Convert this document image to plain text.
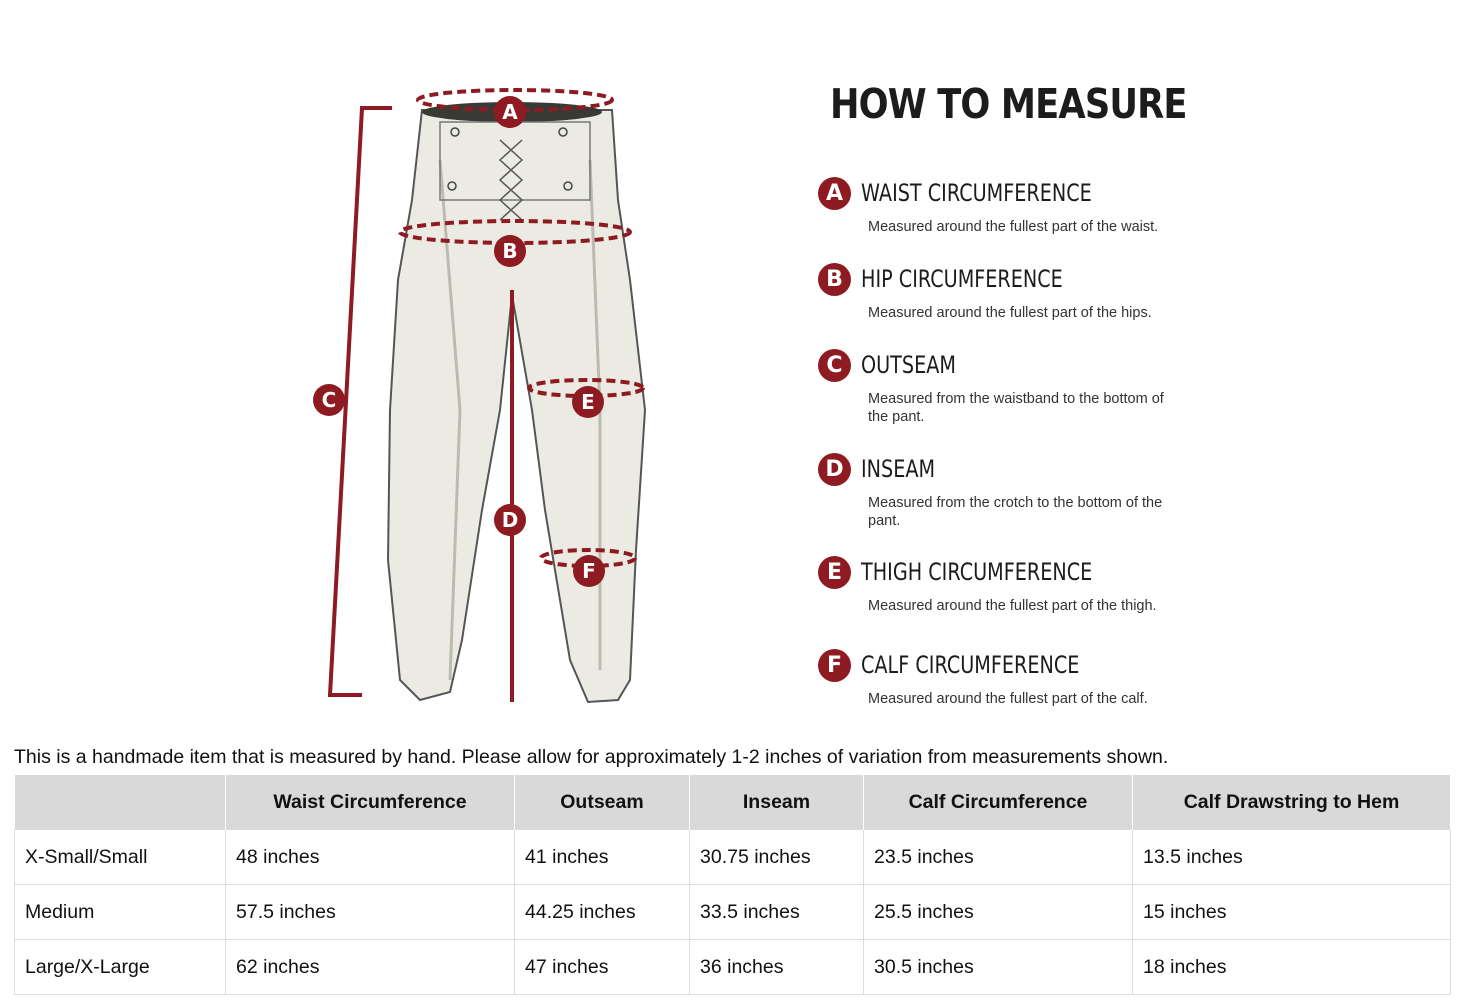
A
B
C
D
E
F
HOW TO MEASURE
A WAIST CIRCUMFERENCE
Measured around the fullest part of the waist.
B HIP CIRCUMFERENCE
Measured around the fullest part of the hips.
C OUTSEAM
Measured from the waistband to the bottom of the pant.
D INSEAM
Measured from the crotch to the bottom of the pant.
E THIGH CIRCUMFERENCE
Measured around the fullest part of the thigh.
F CALF CIRCUMFERENCE
Measured around the fullest part of the calf.
This is a handmade item that is measured by hand. Please allow for approximately 1-2 inches of variation from measurements shown.
	Waist Circumference	Outseam	Inseam	Calf Circumference	Calf Drawstring to Hem
X-Small/Small	48 inches	41 inches	30.75 inches	23.5 inches	13.5 inches
Medium	57.5 inches	44.25 inches	33.5 inches	25.5 inches	15 inches
Large/X-Large	62 inches	47 inches	36 inches	30.5 inches	18 inches
